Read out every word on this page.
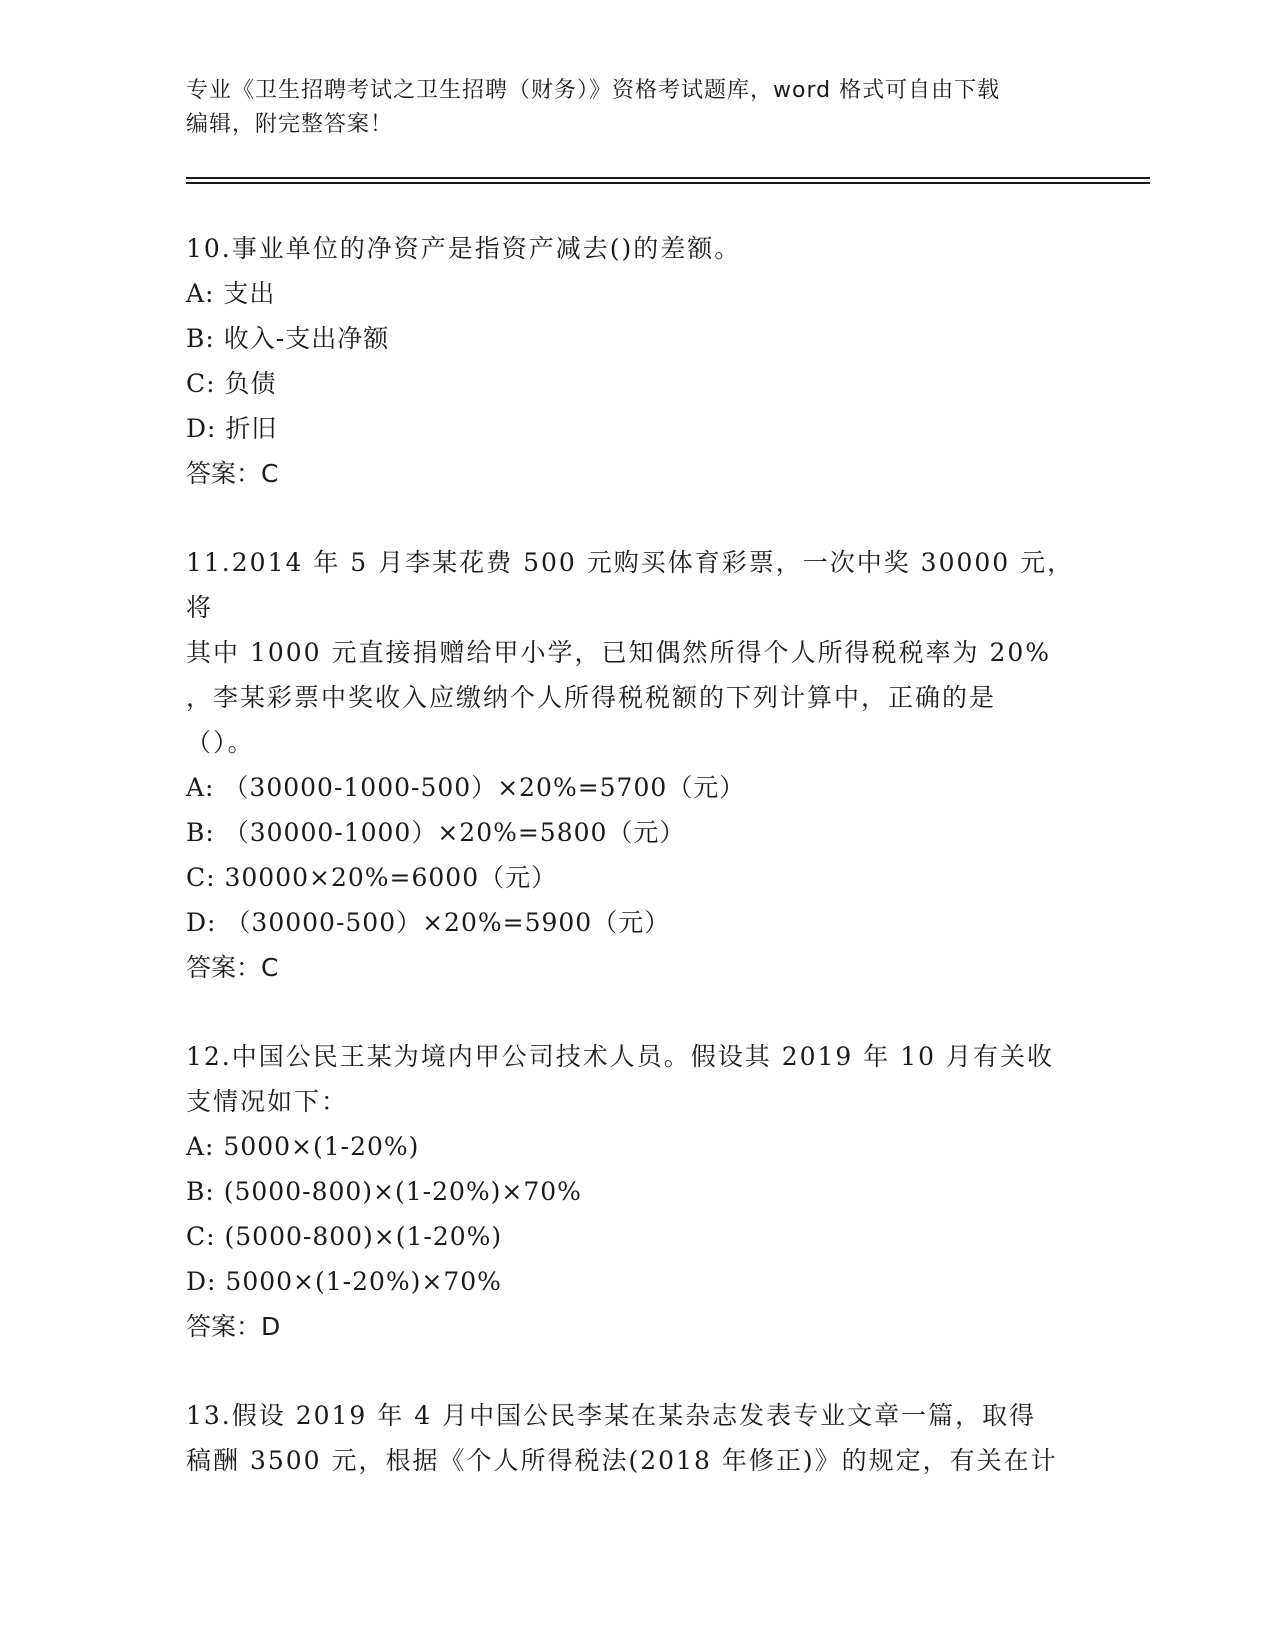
专业《卫生招聘考试之卫生招聘（财务）》资格考试题库，word 格式可自由下载
编辑，附完整答案！

10.事业单位的净资产是指资产减去()的差额。

A: 支出

B: 收入-支出净额

C: 负债

D: 折旧

答案：C

11.2014 年 5 月李某花费 500 元购买体育彩票，一次中奖 30000 元，将

其中 1000 元直接捐赠给甲小学，已知偶然所得个人所得税税率为 20%

，李某彩票中奖收入应缴纳个人所得税税额的下列计算中，正确的是

（）。

A: （30000-1000-500）×20%=5700（元）

B: （30000-1000）×20%=5800（元）

C: 30000×20%=6000（元）

D: （30000-500）×20%=5900（元）

答案：C

12.中国公民王某为境内甲公司技术人员。假设其 2019 年 10 月有关收

支情况如下：

A: 5000×(1-20%)

B: (5000-800)×(1-20%)×70%

C: (5000-800)×(1-20%)

D: 5000×(1-20%)×70%

答案：D

13.假设 2019 年 4 月中国公民李某在某杂志发表专业文章一篇，取得

稿酬 3500 元，根据《个人所得税法(2018 年修正)》的规定，有关在计
